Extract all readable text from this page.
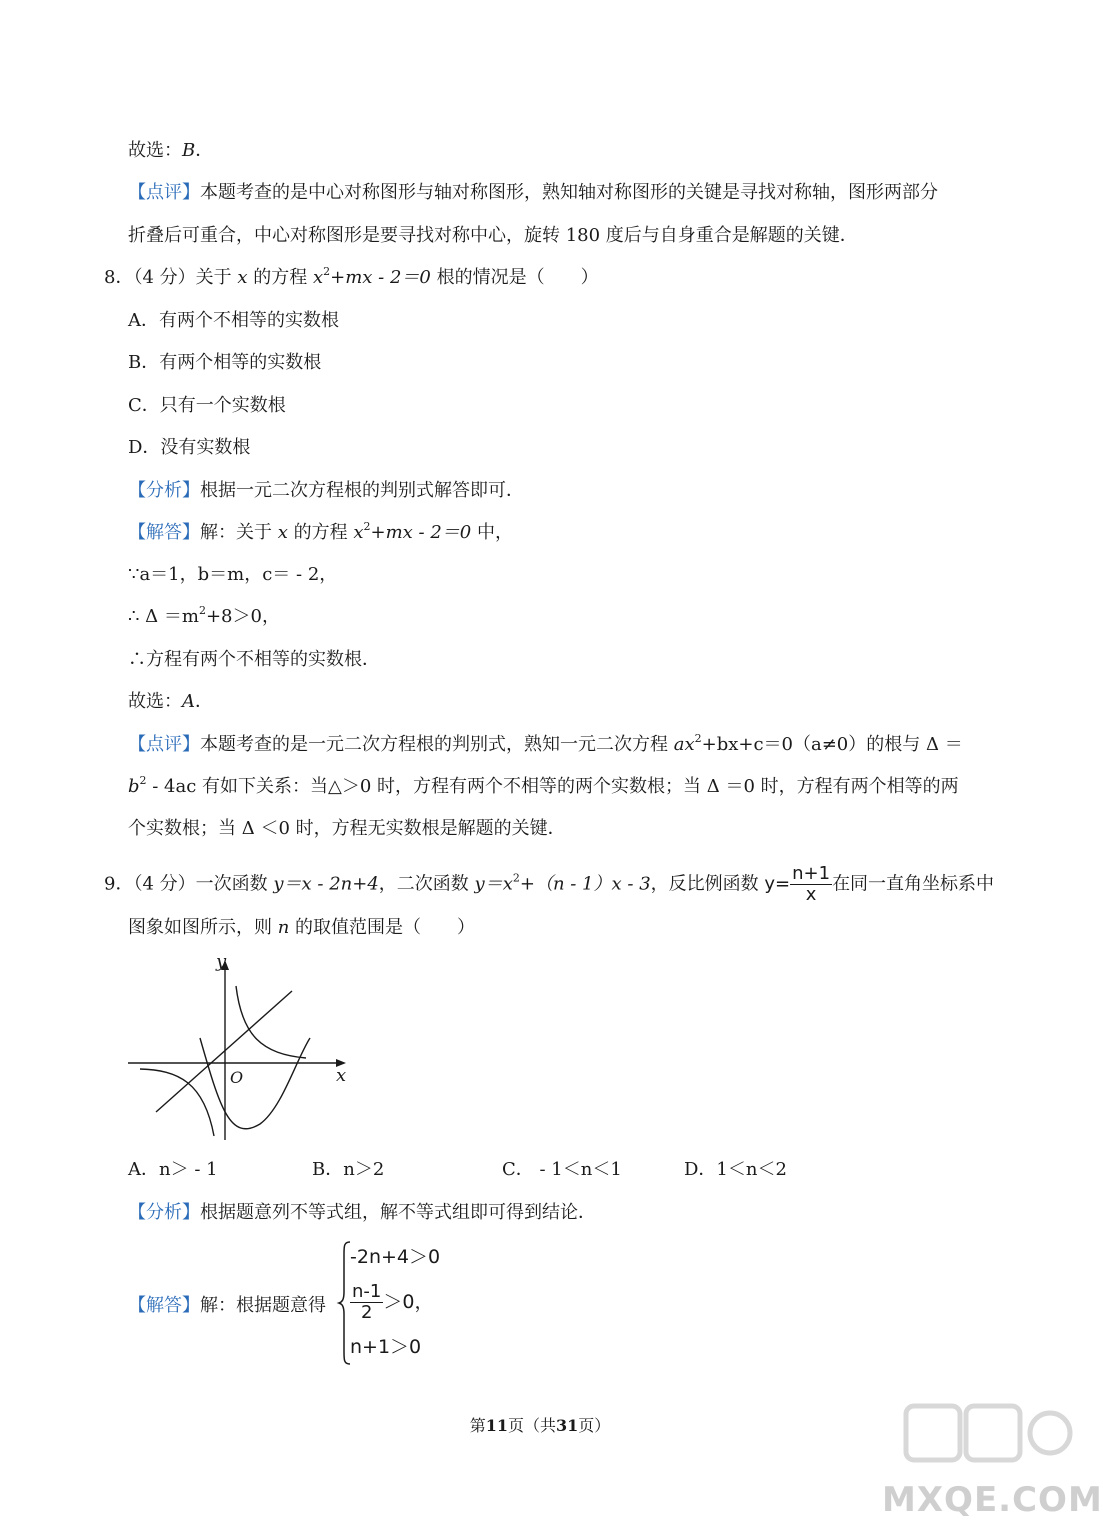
故选：B．
【点评】本题考查的是中心对称图形与轴对称图形，熟知轴对称图形的关键是寻找对称轴，图形两部分
折叠后可重合，中心对称图形是要寻找对称中心，旋转 180 度后与自身重合是解题的关键．
8．（4 分）关于 x 的方程 $x^2+mx - 2=0$ 根的情况是（　　）
A．有两个不相等的实数根
B．有两个相等的实数根
C．只有一个实数根
D．没有实数根
【分析】根据一元二次方程根的判别式解答即可．
【解答】解：关于 x 的方程 $x^2+mx - 2=0$ 中，
∵a＝1，b＝m，c＝ - 2，
∴ $\Delta =m^2+8>0$，
∴方程有两个不相等的实数根．
故选：A．
【点评】本题考查的是一元二次方程根的判别式，熟知一元二次方程 $ax^2+bx+c=0(a\ne 0)$的根与 Δ ＝
$b^2 - 4ac$ 有如下关系：当△＞0 时，方程有两个不相等的两个实数根；当 Δ ＝0 时，方程有两个相等的两
个实数根；当 Δ ＜0 时，方程无实数根是解题的关键．
9．（4 分）一次函数 y＝x - 2n+4，二次函数 $y=x^2+(n - 1)x - 3$，反比例函数 $y= \frac{n+1}{x}$ 在同一直角坐标系中
图象如图所示，则 n 的取值范围是（　　）
y
x
O
A．n＞ - 1	B．n＞2	C． - 1＜n＜1	D．1＜n＜2
【分析】根据题意列不等式组，解不等式组即可得到结论．
【解答】解：根据题意得
-2n+4＞0
$\frac{n-1}{2} >0$，
n+1＞0
第11页（共31页）
MXQE.COM
